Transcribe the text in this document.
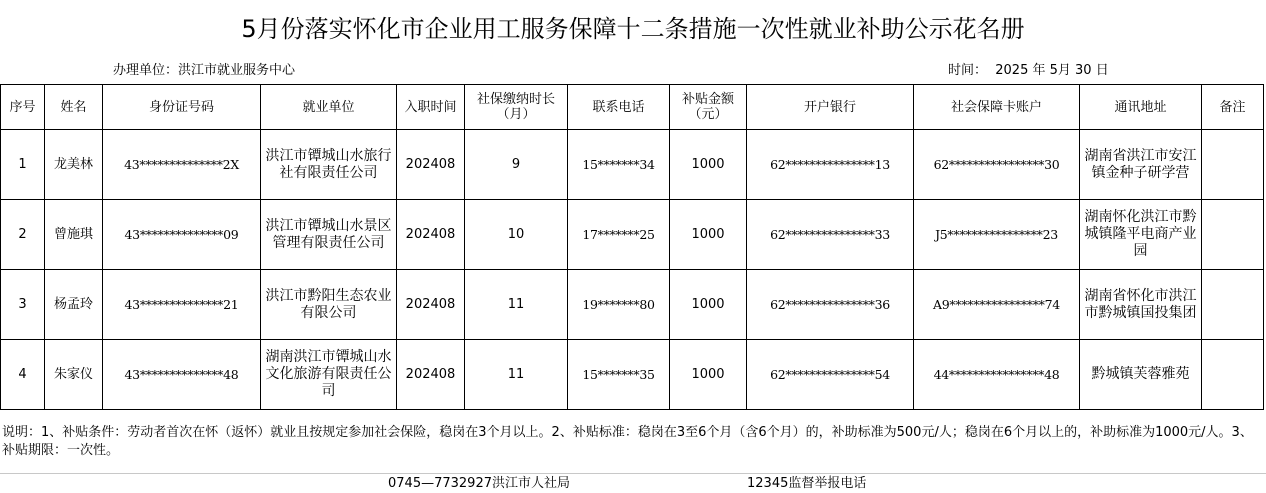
5月份落实怀化市企业用工服务保障十二条措施一次性就业补助公示花名册
办理单位：洪江市就业服务中心	时间：  2025 年 5月 30 日
序号	姓名	身份证号码	就业单位	入职时间	社保缴纳时长（月）	联系电话	补贴金额（元）	开户银行	社会保障卡账户	通讯地址	备注
1	龙美林	43**************2X	洪江市镡城山水旅行社有限责任公司	202408	9	15*******34	1000	62***************13	62****************30	湖南省洪江市安江镇金种子研学营	
2	曾施琪	43**************09	洪江市镡城山水景区管理有限责任公司	202408	10	17*******25	1000	62***************33	J5****************23	湖南怀化洪江市黔城镇隆平电商产业园	
3	杨孟玲	43**************21	洪江市黔阳生态农业有限公司	202408	11	19*******80	1000	62***************36	A9****************74	湖南省怀化市洪江市黔城镇国投集团	
4	朱家仪	43**************48	湖南洪江市镡城山水文化旅游有限责任公司	202408	11	15*******35	1000	62***************54	44****************48	黔城镇芙蓉雅苑	
说明：1、补贴条件：劳动者首次在怀（返怀）就业且按规定参加社会保险，稳岗在3个月以上。2、补贴标准：稳岗在3至6个月（含6个月）的，补助标准为500元/人；稳岗在6个月以上的，补助标准为1000元/人。3、补贴期限：一次性。
0745—7732927洪江市人社局	12345监督举报电话
